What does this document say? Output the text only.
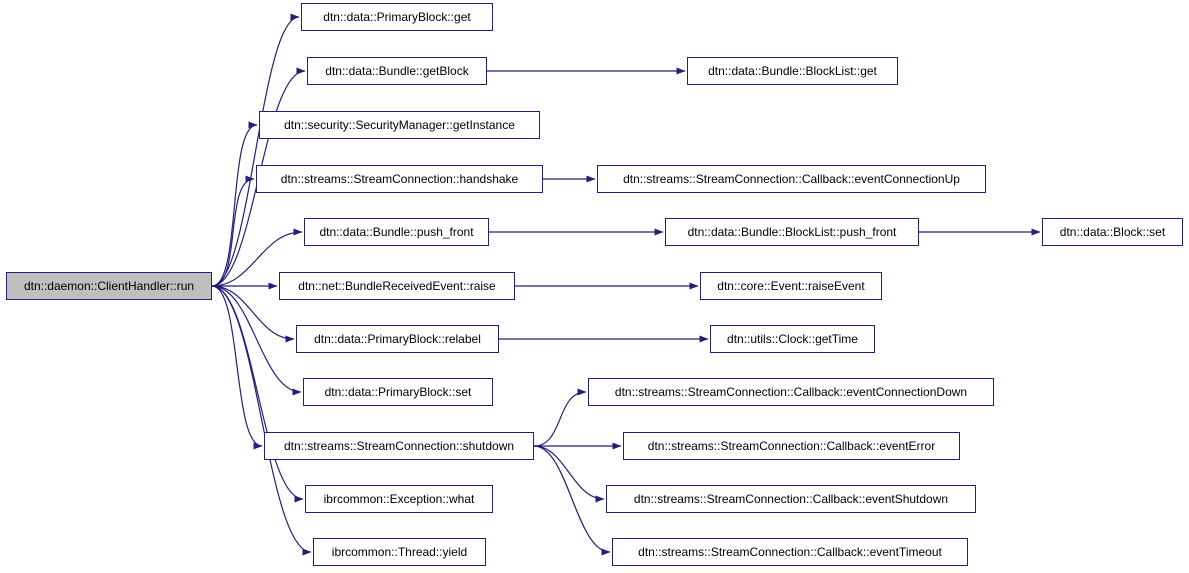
dtn::daemon::ClientHandler::run
dtn::data::PrimaryBlock::get
dtn::data::Bundle::getBlock	dtn::data::Bundle::BlockList::get
dtn::security::SecurityManager::getInstance
dtn::streams::StreamConnection::handshake	dtn::streams::StreamConnection::Callback::eventConnectionUp
dtn::data::Bundle::push_front	dtn::data::Bundle::BlockList::push_front	dtn::data::Block::set
dtn::net::BundleReceivedEvent::raise	dtn::core::Event::raiseEvent
dtn::data::PrimaryBlock::relabel	dtn::utils::Clock::getTime
dtn::data::PrimaryBlock::set	dtn::streams::StreamConnection::Callback::eventConnectionDown
dtn::streams::StreamConnection::shutdown	dtn::streams::StreamConnection::Callback::eventError
ibrcommon::Exception::what	dtn::streams::StreamConnection::Callback::eventShutdown
ibrcommon::Thread::yield	dtn::streams::StreamConnection::Callback::eventTimeout
